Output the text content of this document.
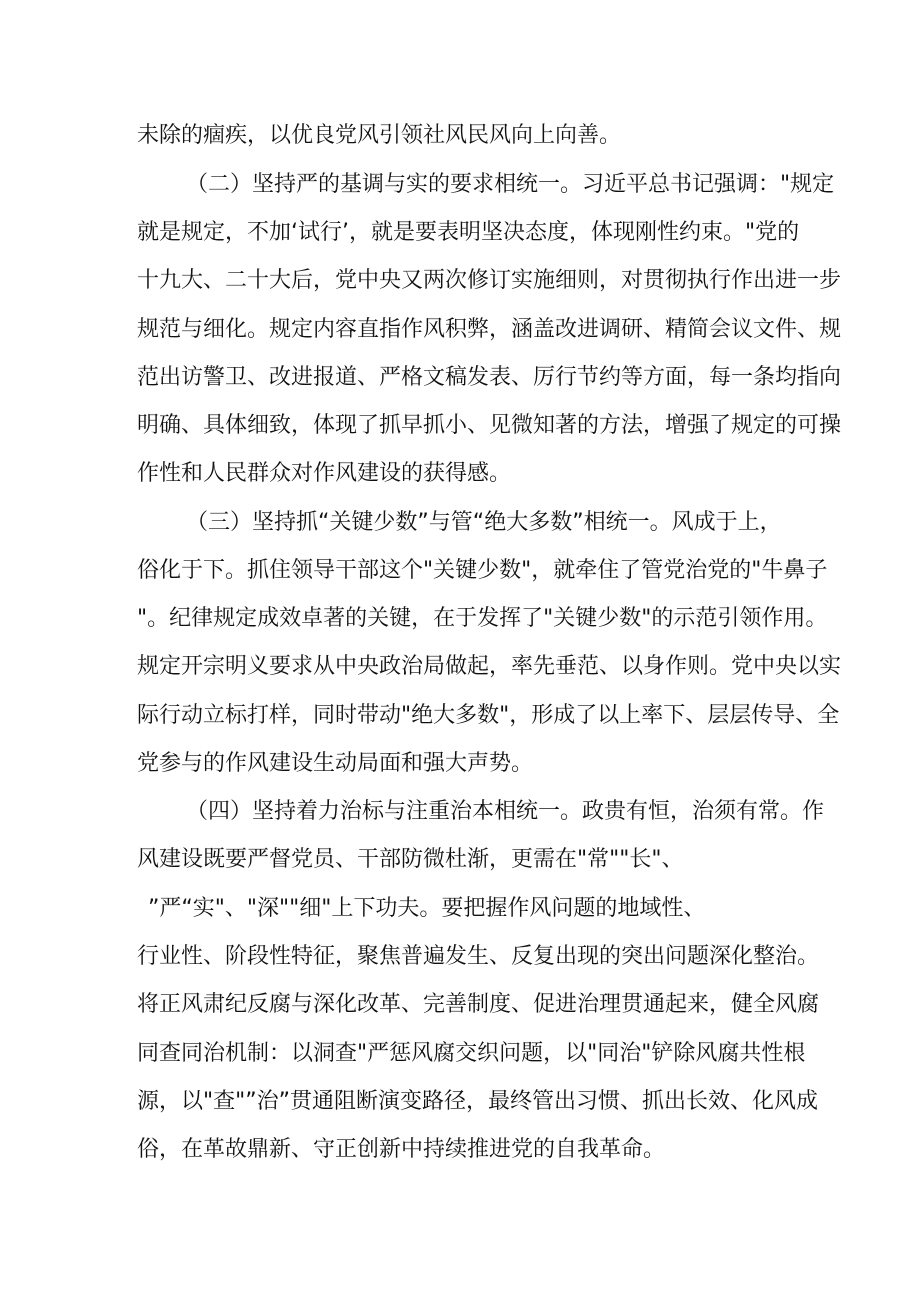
未除的痼疾，以优良党风引领社风民风向上向善。
（二）坚持严的基调与实的要求相统一。习近平总书记强调："规定
就是规定，不加‘试行’，就是要表明坚决态度，体现刚性约束。"党的
十九大、二十大后，党中央又两次修订实施细则，对贯彻执行作出进一步
规范与细化。规定内容直指作风积弊，涵盖改进调研、精简会议文件、规
范出访警卫、改进报道、严格文稿发表、厉行节约等方面，每一条均指向
明确、具体细致，体现了抓早抓小、见微知著的方法，增强了规定的可操
作性和人民群众对作风建设的获得感。
（三）坚持抓“关键少数”与管“绝大多数”相统一。风成于上，
俗化于下。抓住领导干部这个"关键少数"，就牵住了管党治党的"牛鼻子
"。纪律规定成效卓著的关键，在于发挥了"关键少数"的示范引领作用。
规定开宗明义要求从中央政治局做起，率先垂范、以身作则。党中央以实
际行动立标打样，同时带动"绝大多数"，形成了以上率下、层层传导、全
党参与的作风建设生动局面和强大声势。
（四）坚持着力治标与注重治本相统一。政贵有恒，治须有常。作
风建设既要严督党员、干部防微杜渐，更需在"常""长"、
”严“实"、"深""细"上下功夫。要把握作风问题的地域性、
行业性、阶段性特征，聚焦普遍发生、反复出现的突出问题深化整治。
将正风肃纪反腐与深化改革、完善制度、促进治理贯通起来，健全风腐
同查同治机制：以洞查"严惩风腐交织问题，以"同治"铲除风腐共性根
源，以"查"”治”贯通阻断演变路径，最终管出习惯、抓出长效、化风成
俗，在革故鼎新、守正创新中持续推进党的自我革命。
